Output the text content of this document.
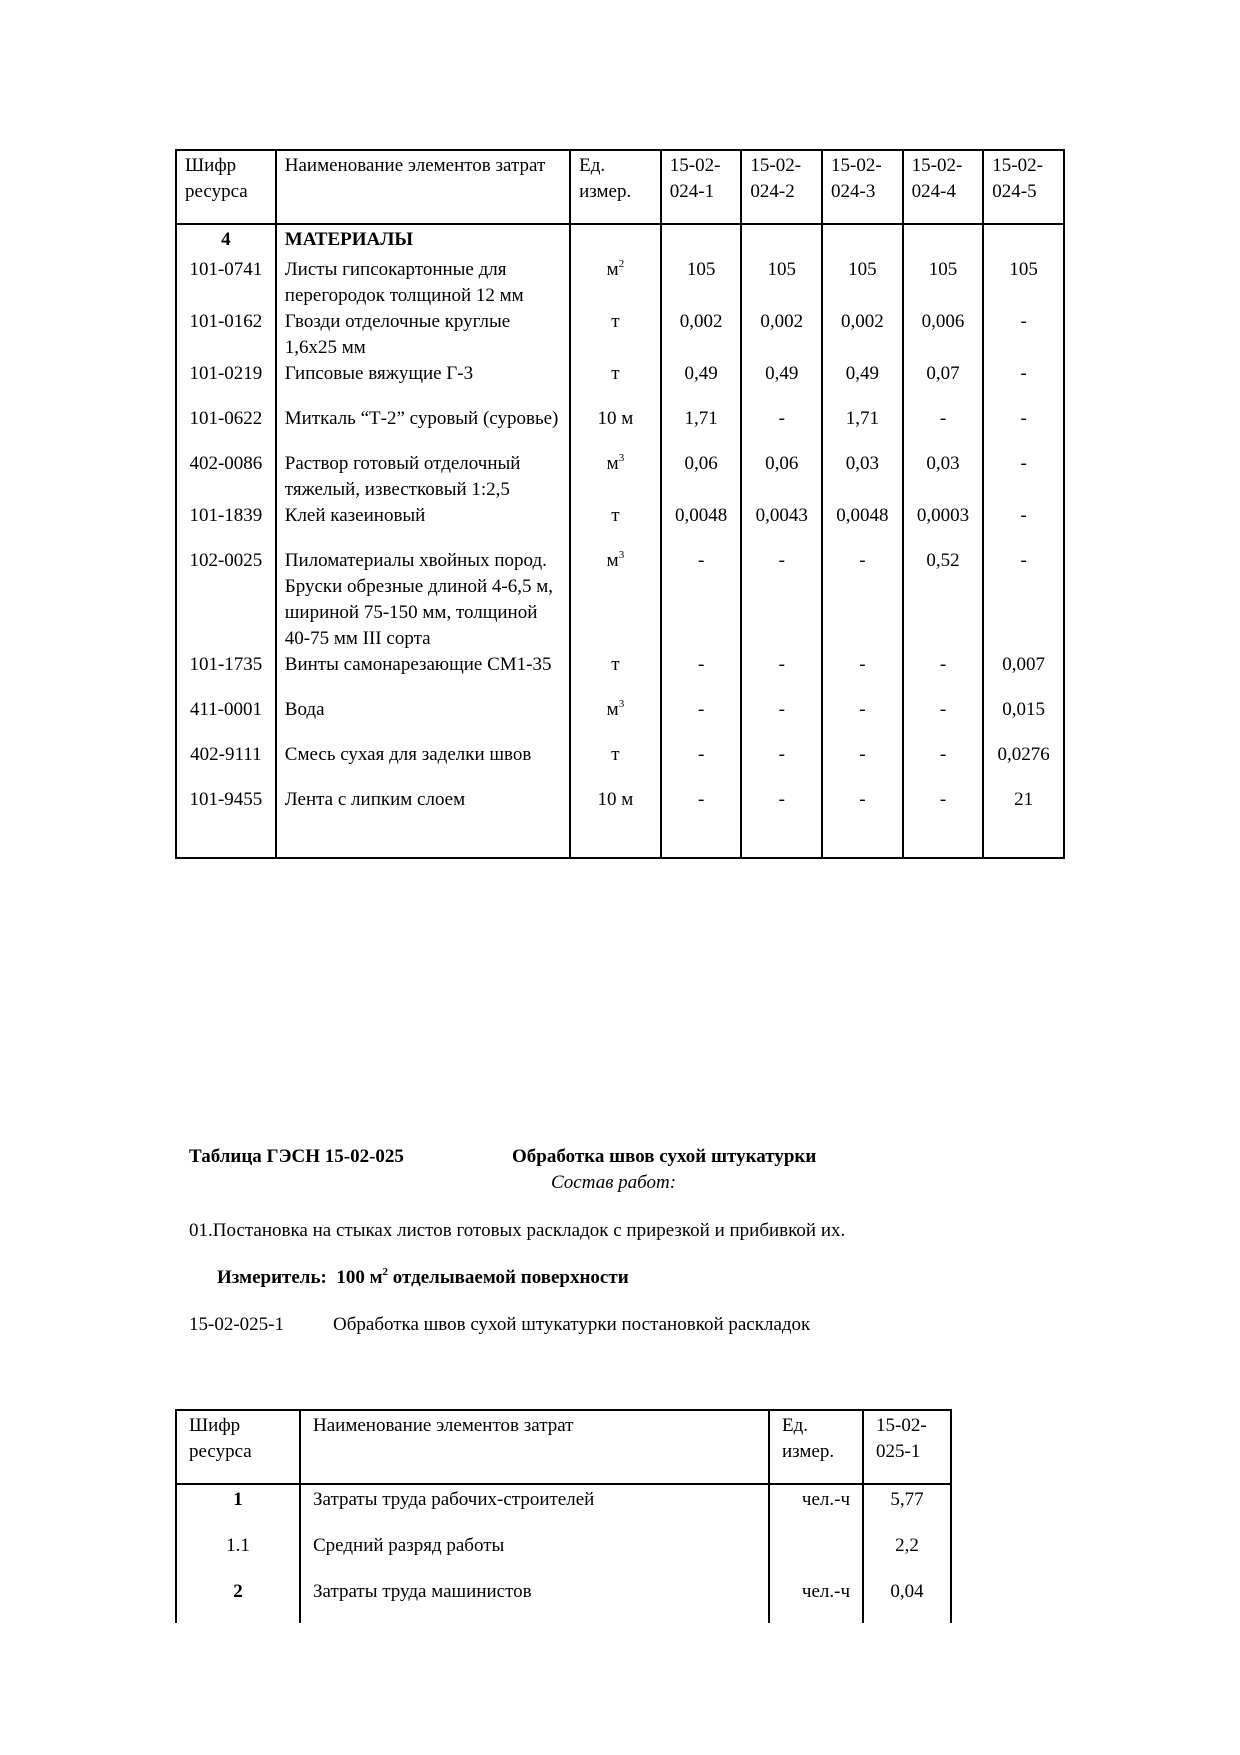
Шифр ресурса	Наименование элементов затрат	Ед. измер.	15-02-024-1	15-02-024-2	15-02-024-3	15-02-024-4	15-02-024-5
4	МАТЕРИАЛЫ						
101-0741	Листы гипсокартонные для перегородок толщиной 12 мм	$м^2$	105	105	105	105	105
101-0162	Гвозди отделочные круглые 1,6х25 мм	т	0,002	0,002	0,002	0,006	-
101-0219	Гипсовые вяжущие Г-3	т	0,49	0,49	0,49	0,07	-
101-0622	Миткаль “Т-2” суровый (суровье)	10 м	1,71	-	1,71	-	-
402-0086	Раствор готовый отделочный тяжелый, известковый 1:2,5	$м^3$	0,06	0,06	0,03	0,03	-
101-1839	Клей казеиновый	т	0,0048	0,0043	0,0048	0,0003	-
102-0025	Пиломатериалы хвойных пород. Бруски обрезные длиной 4-6,5 м, шириной 75-150 мм, толщиной 40-75 мм III сорта	$м^3$	-	-	-	0,52	-
101-1735	Винты самонарезающие СМ1-35	т	-	-	-	-	0,007
411-0001	Вода	$м^3$	-	-	-	-	0,015
402-9111	Смесь сухая для заделки швов	т	-	-	-	-	0,0276
101-9455	Лента с липким слоем	10 м	-	-	-	-	21
Таблица ГЭСН 15-02-025	Обработка швов сухой штукатурки
Состав работ:
01.Постановка на стыках листов готовых раскладок с прирезкой и прибивкой их.
Измеритель: 100 $м^2$ отделываемой поверхности
15-02-025-1	Обработка швов сухой штукатурки постановкой раскладок
Шифр ресурса	Наименование элементов затрат	Ед. измер.	15-02-025-1
1	Затраты труда рабочих-строителей	чел.-ч	5,77
1.1	Средний разряд работы		2,2
2	Затраты труда машинистов	чел.-ч	0,04
